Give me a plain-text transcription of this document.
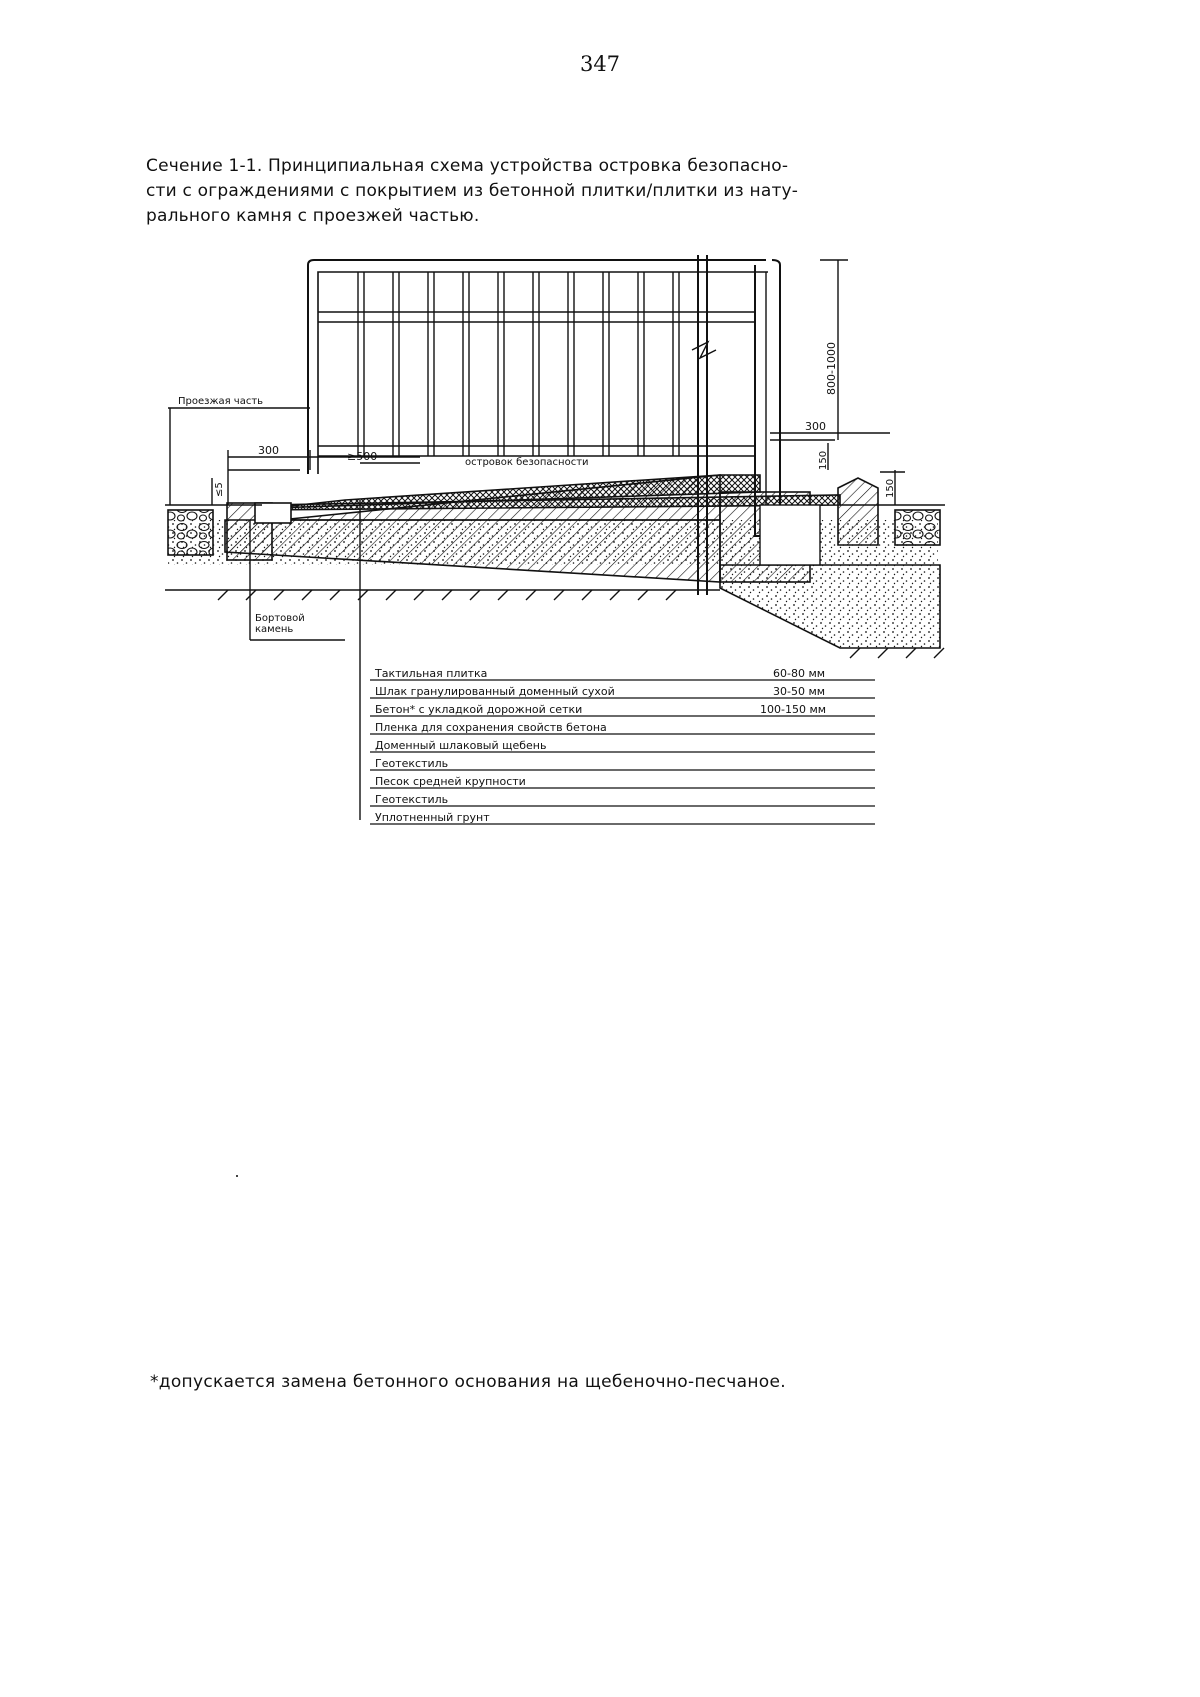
347
Сечение 1-1. Принципиальная схема устройства островка безопасно-
сти с ограждениями с покрытием из бетонной плитки/плитки из нату-
рального камня с проезжей частью.
Проезжая часть
Бортовой
камень
островок безопасности
300	≥500
300
800-1000
150
150
≤5
Тактильная плитка	60-80 мм
Шлак гранулированный доменный сухой	30-50 мм
Бетон* с укладкой дорожной сетки	100-150 мм
Пленка для сохранения свойств бетона
Доменный шлаковый щебень
Геотекстиль
Песок средней крупности
Геотекстиль
Уплотненный грунт
*допускается замена бетонного основания на щебеночно-песчаное.
